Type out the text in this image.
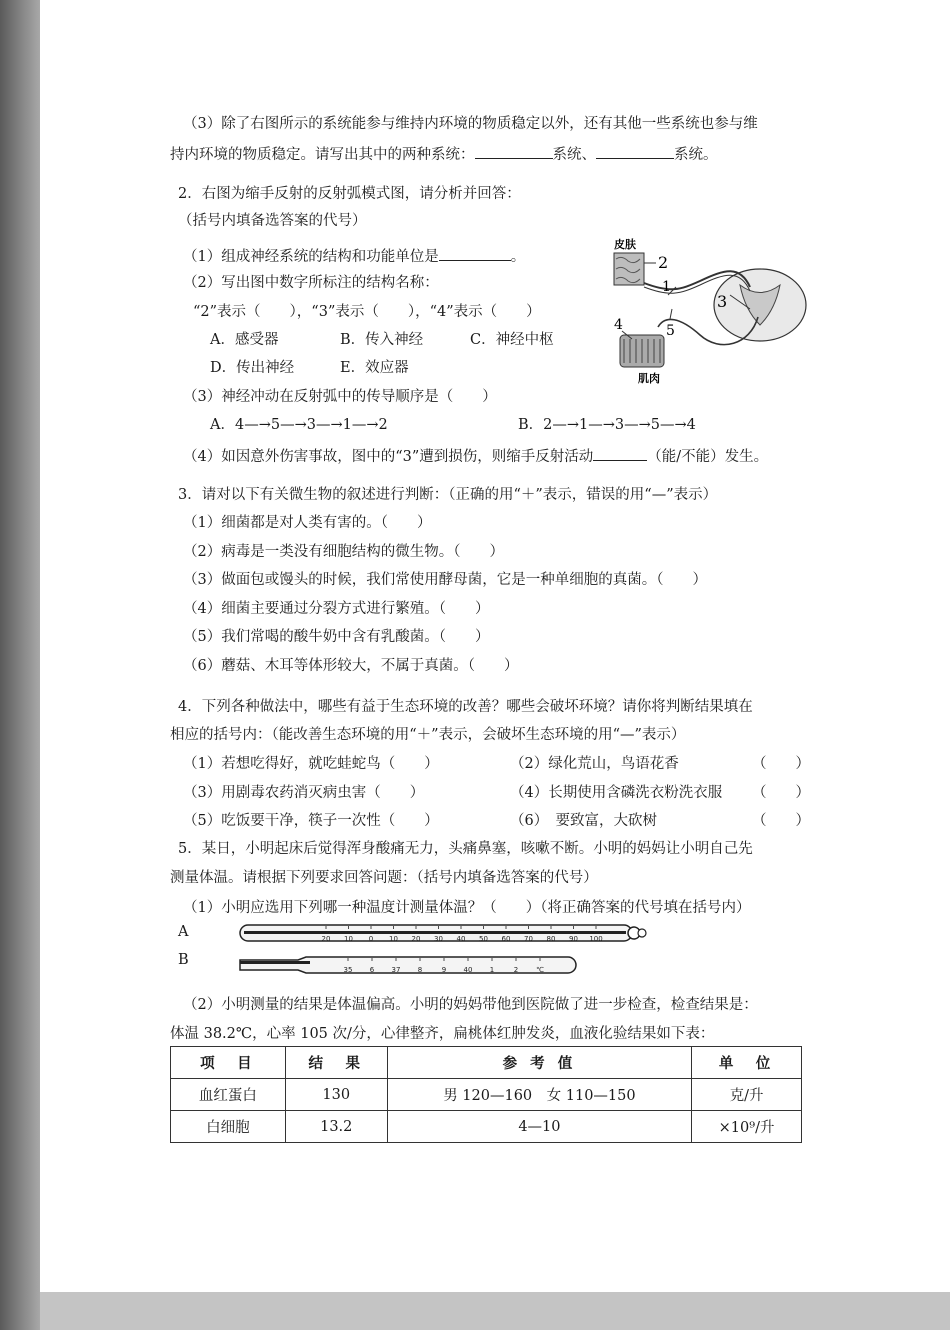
（3）除了右图所示的系统能参与维持内环境的物质稳定以外，还有其他一些系统也参与维
持内环境的物质稳定。请写出其中的两种系统：	系统、	系统。
2．右图为缩手反射的反射弧模式图，请分析并回答：
（括号内填备选答案的代号）
（1）组成神经系统的结构和功能单位是	。
（2）写出图中数字所标注的结构名称：
“2”表示（　　），“3”表示（　　），“4”表示（　　）
A．感受器	B．传入神经	C．神经中枢
D．传出神经	E．效应器
（3）神经冲动在反射弧中的传导顺序是（　　）
A．4—→5—→3—→1—→2	B．2—→1—→3—→5—→4
（4）如因意外伤害事故，图中的“3”遭到损伤，则缩手反射活动	（能/不能）发生。
皮肤
2
1
3
4	5
肌肉
3．请对以下有关微生物的叙述进行判断：（正确的用“＋”表示，错误的用“—”表示）
（1）细菌都是对人类有害的。（　　）
（2）病毒是一类没有细胞结构的微生物。（　　）
（3）做面包或馒头的时候，我们常使用酵母菌，它是一种单细胞的真菌。（　　）
（4）细菌主要通过分裂方式进行繁殖。（　　）
（5）我们常喝的酸牛奶中含有乳酸菌。（　　）
（6）蘑菇、木耳等体形较大，不属于真菌。（　　）
4．下列各种做法中，哪些有益于生态环境的改善？哪些会破坏环境？请你将判断结果填在
相应的括号内：（能改善生态环境的用“＋”表示，会破坏生态环境的用“—”表示）
（1）若想吃得好，就吃蛙蛇鸟（　　）	（2）绿化荒山，鸟语花香	（　　）
（3）用剧毒农药消灭病虫害（　　）	（4）长期使用含磷洗衣粉洗衣服 （　　）
（5）吃饭要干净，筷子一次性（　　）	（6）　要致富，大砍树	（　　）
5．某日，小明起床后觉得浑身酸痛无力，头痛鼻塞，咳嗽不断。小明的妈妈让小明自己先
测量体温。请根据下列要求回答问题：（括号内填备选答案的代号）
（1）小明应选用下列哪一种温度计测量体温？（　　）（将正确答案的代号填在括号内）
A	20 10 0 10 20 30 40 50 60 70 80 90 100
B
35 6 37 8	9 40 1	2	℃
（2）小明测量的结果是体温偏高。小明的妈妈带他到医院做了进一步检查，检查结果是：
体温 38.2℃，心率 105 次/分，心律整齐，扁桃体红肿发炎，血液化验结果如下表：
项　目	结　果	参 考 值	单　位
血红蛋白	130	男 120—160　女 110—150	克/升
白细胞	13.2	4—10	×10⁹/升
